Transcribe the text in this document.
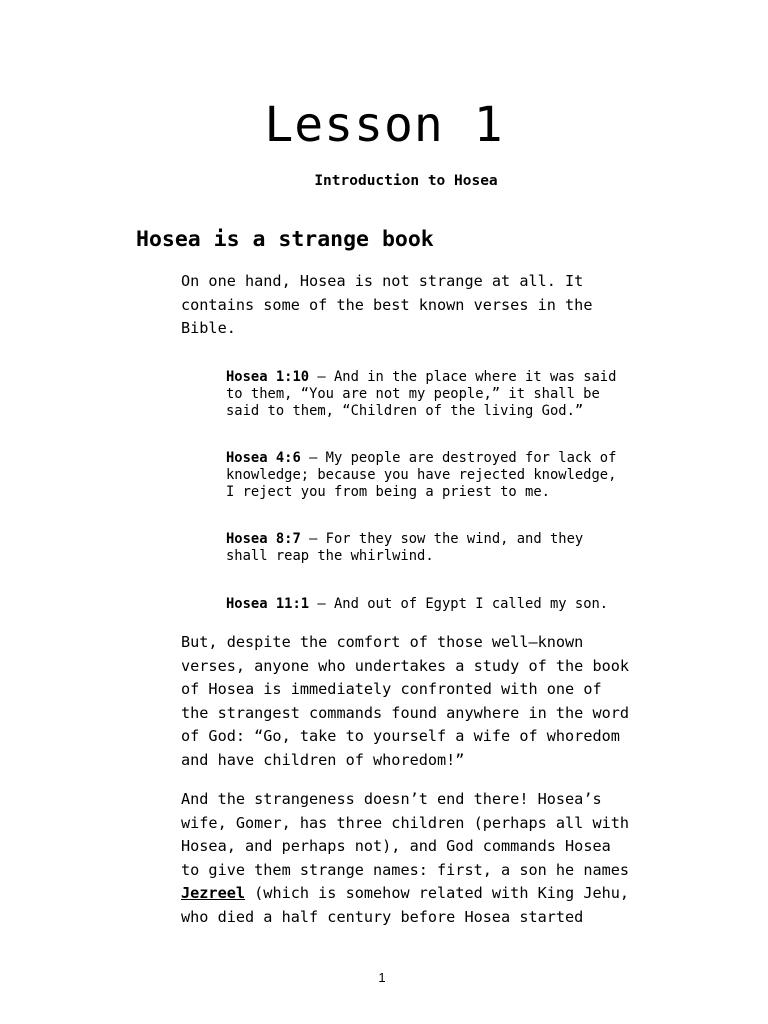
Lesson 1
Introduction to Hosea
Hosea is a strange book

On one hand, Hosea is not strange at all. It
contains some of the best known verses in the
Bible.

Hosea 1:10 – And in the place where it was said
to them, “You are not my people,” it shall be
said to them, “Children of the living God.”

Hosea 4:6 – My people are destroyed for lack of
knowledge; because you have rejected knowledge,
I reject you from being a priest to me.

Hosea 8:7 – For they sow the wind, and they
shall reap the whirlwind.

Hosea 11:1 – And out of Egypt I called my son.

But, despite the comfort of those well–known
verses, anyone who undertakes a study of the book
of Hosea is immediately confronted with one of
the strangest commands found anywhere in the word
of God: “Go, take to yourself a wife of whoredom
and have children of whoredom!”

And the strangeness doesn’t end there! Hosea’s
wife, Gomer, has three children (perhaps all with
Hosea, and perhaps not), and God commands Hosea
to give them strange names: first, a son he names
Jezreel (which is somehow related with King Jehu,
who died a half century before Hosea started

1
